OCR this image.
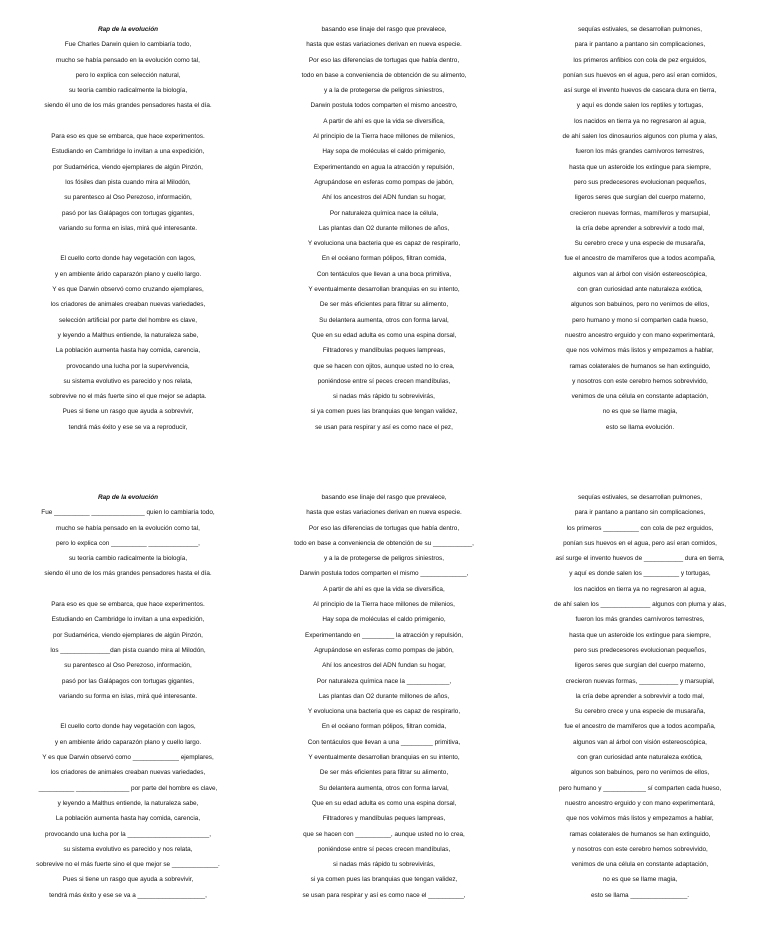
Rap de la evolución
Fue Charles Darwin quien lo cambiaría todo,
mucho se había pensado en la evolución como tal,
pero lo explica con selección natural,
su teoría cambio radicalmente la biología,
siendo él uno de los más grandes pensadores hasta el día.
Para eso es que se embarca, que hace experimentos.
Estudiando en Cambridge lo invitan a una expedición,
por Sudamérica, viendo ejemplares de algún Pinzón,
los fósiles dan pista cuando mira al Milodón,
su parentesco al Oso Perezoso, información,
pasó por las Galápagos con tortugas gigantes,
variando su forma en islas, mirá qué interesante.
El cuello corto donde hay vegetación con lagos,
y en ambiente árido caparazón plano y cuello largo.
Y es que Darwin observó como cruzando ejemplares,
los criadores de animales creaban nuevas variedades,
selección artificial por parte del hombre es clave,
y leyendo a Malthus entiende, la naturaleza sabe,
La población aumenta hasta hay comida, carencia,
provocando una lucha por la supervivencia,
su sistema evolutivo es parecido y nos relata,
sobrevive no el más fuerte sino el que mejor se adapta.
Pues si tiene un rasgo que ayuda a sobrevivir,
tendrá más éxito y ese se va a reproducir,
basando ese linaje del rasgo que prevalece,
hasta que estas variaciones derivan en nueva especie.
Por eso las diferencias de tortugas que había dentro,
todo en base a conveniencia de obtención de su alimento,
y a la de protegerse de peligros siniestros,
Darwin postula todos comparten el mismo ancestro,
A partir de ahí es que la vida se diversifica,
Al principio de la Tierra hace millones de milenios,
Hay sopa de moléculas el caldo primigenio,
Experimentando en agua la atracción y repulsión,
Agrupándose en esferas como pompas de jabón,
Ahí los ancestros del ADN fundan su hogar,
Por naturaleza química nace la célula,
Las plantas dan O2 durante millones de años,
Y evoluciona una bacteria que es capaz de respirarlo,
En el océano forman pólipos, filtran comida,
Con tentáculos que llevan a una boca primitiva,
Y eventualmente desarrollan branquias en su intento,
De ser más eficientes para filtrar su alimento,
Su delantera aumenta, otros con forma larval,
Que en su edad adulta es como una espina dorsal,
Filtradores y mandíbulas peques lampreas,
que se hacen con ojitos, aunque usted no lo crea,
poniéndose entre sí peces crecen mandíbulas,
si nadas más rápido tu sobrevivirás,
si ya comen pues las branquias que tengan validez,
se usan para respirar y así es como nace el pez,
sequías estivales, se desarrollan pulmones,
para ir pantano a pantano sin complicaciones,
los primeros anfibios con cola de pez erguidos,
ponían sus huevos en el agua, pero así eran comidos,
así surge el invento huevos de cascara dura en tierra,
y aquí es donde salen los reptiles y tortugas,
los nacidos en tierra ya no regresaron al agua,
de ahí salen los dinosaurios algunos con pluma y alas,
fueron los más grandes carnívoros terrestres,
hasta que un asteroide los extingue para siempre,
pero sus predecesores evolucionan pequeños,
ligeros seres que surgían del cuerpo materno,
crecieron nuevas formas, mamíferos y marsupial,
la cría debe aprender a sobrevivir a todo mal,
Su cerebro crece y una especie de musaraña,
fue el ancestro de mamíferos que a todos acompaña,
algunos van al árbol con visión estereoscópica,
con gran curiosidad ante naturaleza exótica,
algunos son babuinos, pero no venimos de ellos,
pero humano y mono sí comparten cada hueso,
nuestro ancestro erguido y con mano experimentará,
que nos volvimos más listos y empezamos a hablar,
ramas colaterales de humanos se han extinguido,
y nosotros con este cerebro hemos sobrevivido,
venimos de una célula en constante adaptación,
no es que se llame magia,
esto se llama evolución.
Rap de la evolución
Fue __________ _______________ quien lo cambiaría todo,
mucho se había pensado en la evolución como tal,
pero lo explica con __________ ______________,
su teoría cambio radicalmente la biología,
siendo él uno de los más grandes pensadores hasta el día.
Para eso es que se embarca, que hace experimentos.
Estudiando en Cambridge lo invitan a una expedición,
por Sudamérica, viendo ejemplares de algún Pinzón,
los ______________dan pista cuando mira al Milodón,
su parentesco al Oso Perezoso, información,
pasó por las Galápagos con tortugas gigantes,
variando su forma en islas, mirá qué interesante.
El cuello corto donde hay vegetación con lagos,
y en ambiente árido caparazón plano y cuello largo.
Y es que Darwin observó como _____________ ejemplares,
los criadores de animales creaban nuevas variedades,
__________ _______________ por parte del hombre es clave,
y leyendo a Malthus entiende, la naturaleza sabe,
La población aumenta hasta hay comida, carencia,
provocando una lucha por la _______________________,
su sistema evolutivo es parecido y nos relata,
sobrevive no el más fuerte sino el que mejor se _____________.
Pues si tiene un rasgo que ayuda a sobrevivir,
tendrá más éxito y ese se va a ___________________,
basando ese linaje del rasgo que prevalece,
hasta que estas variaciones derivan en nueva especie.
Por eso las diferencias de tortugas que había dentro,
todo en base a conveniencia de obtención de su ___________,
y a la de protegerse de peligros siniestros,
Darwin postula todos comparten el mismo _____________,
A partir de ahí es que la vida se diversifica,
Al principio de la Tierra hace millones de milenios,
Hay sopa de moléculas el caldo primigenio,
Experimentando en _________ la atracción y repulsión,
Agrupándose en esferas como pompas de jabón,
Ahí los ancestros del ADN fundan su hogar,
Por naturaleza química nace la ____________,
Las plantas dan O2 durante millones de años,
Y evoluciona una bacteria que es capaz de respirarlo,
En el océano forman pólipos, filtran comida,
Con tentáculos que llevan a una _________ primitiva,
Y eventualmente desarrollan branquias en su intento,
De ser más eficientes para filtrar su alimento,
Su delantera aumenta, otros con forma larval,
Que en su edad adulta es como una espina dorsal,
Filtradores y mandíbulas peques lampreas,
que se hacen con __________, aunque usted no lo crea,
poniéndose entre sí peces crecen mandíbulas,
si nadas más rápido tu sobrevivirás,
si ya comen pues las branquias que tengan validez,
se usan para respirar y así es como nace el __________,
sequías estivales, se desarrollan pulmones,
para ir pantano a pantano sin complicaciones,
los primeros __________ con cola de pez erguidos,
ponían sus huevos en el agua, pero así eran comidos,
así surge el invento huevos de ___________ dura en tierra,
y aquí es donde salen los __________ y tortugas,
los nacidos en tierra ya no regresaron al agua,
de ahí salen los ______________ algunos con pluma y alas,
fueron los más grandes carnívoros terrestres,
hasta que un asteroide los extingue para siempre,
pero sus predecesores evolucionan pequeños,
ligeros seres que surgían del cuerpo materno,
crecieron nuevas formas, ___________ y marsupial,
la cría debe aprender a sobrevivir a todo mal,
Su cerebro crece y una especie de musaraña,
fue el ancestro de mamíferos que a todos acompaña,
algunos van al árbol con visión estereoscópica,
con gran curiosidad ante naturaleza exótica,
algunos son babuinos, pero no venimos de ellos,
pero humano y ____________ sí comparten cada hueso,
nuestro ancestro erguido y con mano experimentará,
que nos volvimos más listos y empezamos a hablar,
ramas colaterales de humanos se han extinguido,
y nosotros con este cerebro hemos sobrevivido,
venimos de una célula en constante adaptación,
no es que se llame magia,
esto se llama ________________.
